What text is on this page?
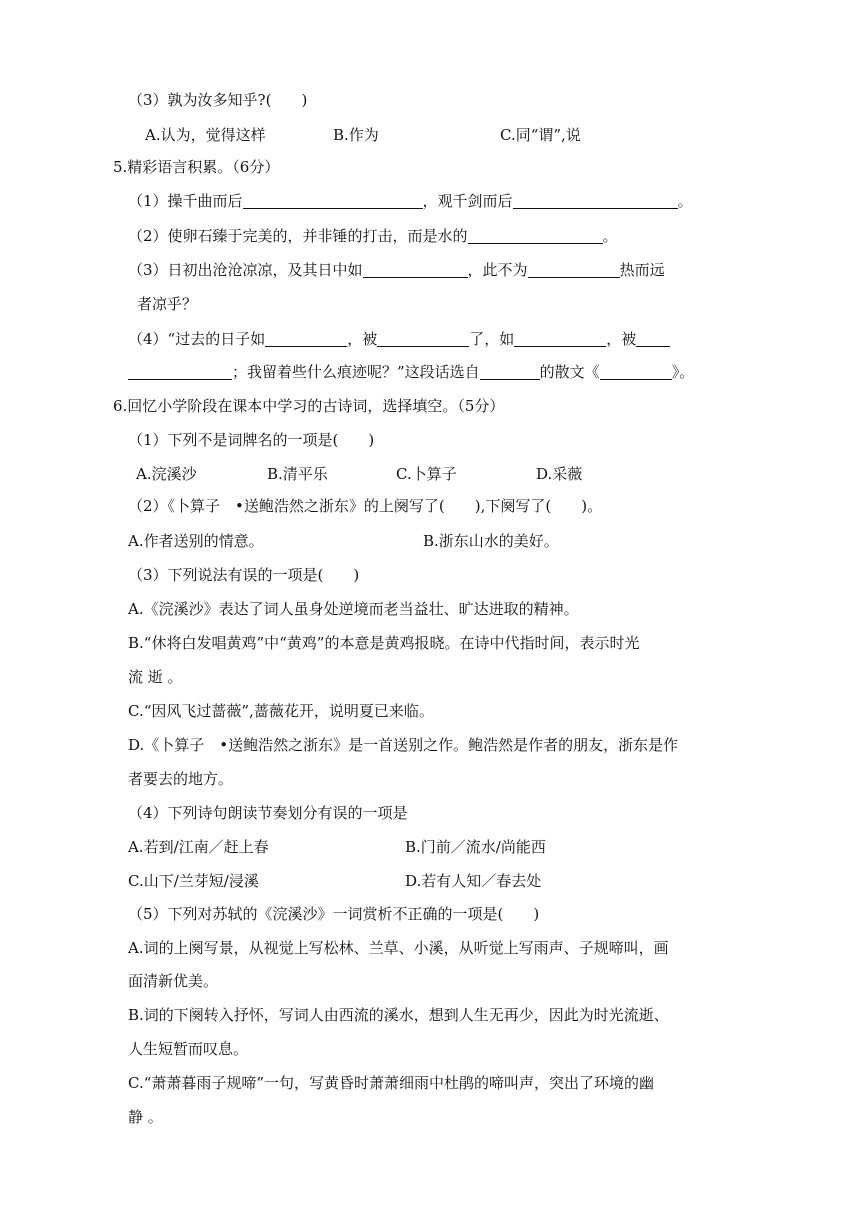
（3）孰为汝多知乎?(　　)
A.认为，觉得这样	B.作为	C.同“谓”,说
5.精彩语言积累。（6分）
（1）操千曲而后	，观千剑而后	。
（2）使卵石臻于完美的，并非锤的打击，而是水的	。
（3）日初出沧沧凉凉，及其日中如	，此不为	热而远
者凉乎？
（4）“过去的日子如	，被	了，如	，被
；我留着些什么痕迹呢？”这段话选自	的散文《	》。
6.回忆小学阶段在课本中学习的古诗词，选择填空。（5分）
（1）下列不是词牌名的一项是(　　)
A.浣溪沙	B.清平乐	C.卜算子	D.采薇
（2）《卜算子　•送鲍浩然之浙东》的上阕写了(　　),下阕写了(　　)。
A.作者送别的情意。	B.浙东山水的美好。
（3）下列说法有误的一项是(　　)
A.《浣溪沙》表达了词人虽身处逆境而老当益壮、旷达进取的精神。
B.“休将白发唱黄鸡”中“黄鸡”的本意是黄鸡报晓。在诗中代指时间，表示时光
流 逝 。
C.“因风飞过蔷薇”,蔷薇花开，说明夏已来临。
D.《卜算子　•送鲍浩然之浙东》是一首送别之作。鲍浩然是作者的朋友，浙东是作
者要去的地方。
（4）下列诗句朗读节奏划分有误的一项是
A.若到/江南／赶上春	B.门前／流水/尚能西
C.山下/兰芽短/浸溪	D.若有人知／春去处
（5）下列对苏轼的《浣溪沙》一词赏析不正确的一项是(　　)
A.词的上阕写景，从视觉上写松林、兰草、小溪，从听觉上写雨声、子规啼叫，画
面清新优美。
B.词的下阕转入抒怀，写词人由西流的溪水，想到人生无再少，因此为时光流逝、
人生短暂而叹息。
C.“萧萧暮雨子规啼”一句，写黄昏时萧萧细雨中杜鹃的啼叫声，突出了环境的幽
静 。
